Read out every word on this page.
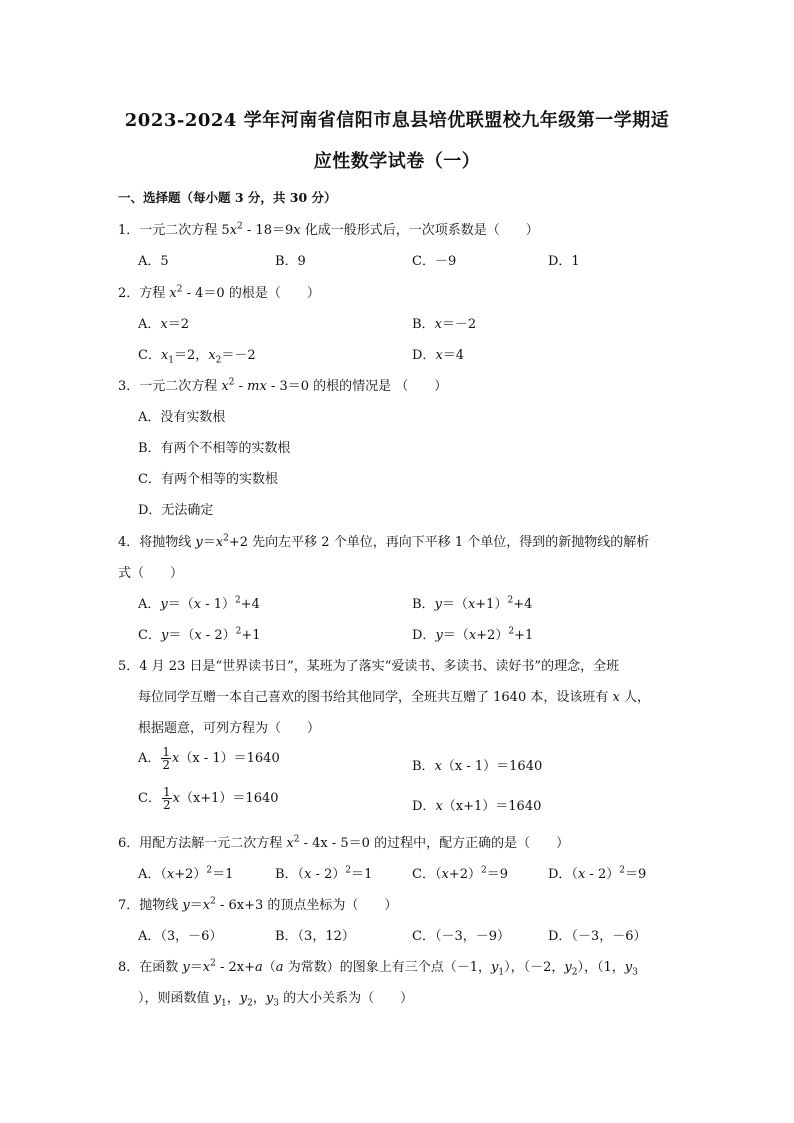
2023-2024 学年河南省信阳市息县培优联盟校九年级第一学期适
应性数学试卷（一）
一、选择题（每小题 3 分，共 30 分）
1．一元二次方程 $5x^2 - 18=9x$ 化成一般形式后，一次项系数是（　　）
A．5	B．9	C．－9	D．1
2．方程 $x^2 - 4=0$ 的根是（　　）
A．x＝2	B．x＝－2
C．$x_1=2$，$x_2=-2$	D．x＝4
3．一元二次方程 $x^2$ - mx - 3＝0 的根的情况是 （　　）
A．没有实数根
B．有两个不相等的实数根
C．有两个相等的实数根
D．无法确定
4．将抛物线 $y=x^2+2$ 先向左平移 2 个单位，再向下平移 1 个单位，得到的新抛物线的解析
式（　　）
A．y＝（x - 1）$^2$+4	B．$y=(x+1)^2+4$
C．y＝（x - 2）$^2$+1	D．$y=(x+2)^2+1$
5．4 月 23 日是“世界读书日”，某班为了落实“爱读书、多读书、读好书”的理念，全班
每位同学互赠一本自己喜欢的图书给其他同学，全班共互赠了 1640 本，设该班有 x 人，
根据题意，可列方程为（　　）
A． $\frac{1}{2} x(x - 1)=1640$
B．x（x - 1）＝1640
C． $\frac{1}{2} x(x+1)=1640$
D．x（x+1）＝1640
6．用配方法解一元二次方程 $x^2 - 4x - 5=0$ 的过程中，配方正确的是（　　）
A．$(x+2)^2=1$	B．（x - 2）$^2$＝1	C．$(x+2)^2=9$	D．（x - 2）$^2$＝9
7．抛物线 $y=x^2 - 6x+3$ 的顶点坐标为（　　）
A．（3，－6）	B．（3，12）	C．（－3，－9）	D．（－3，－6）
8．在函数 $y=x^2 - 2x+a(a$ 为常数）的图象上有三个点（－1，$y_1$），（－2，$y_2$），（1，$y_3$
），则函数值 $y_1$，$y_2$，$y_3$ 的大小关系为（　　）
